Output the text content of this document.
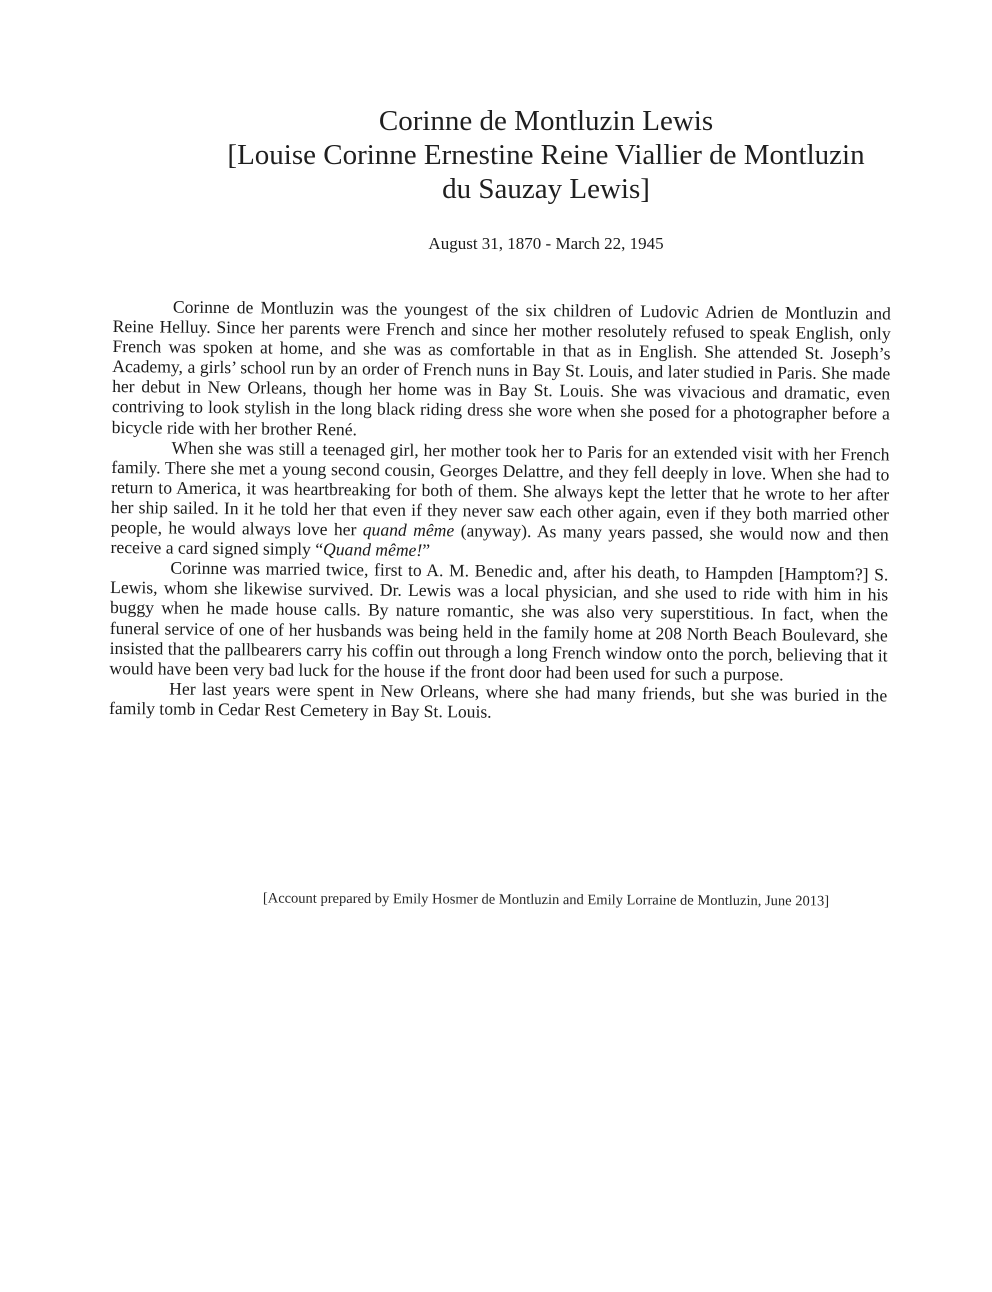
Corinne de Montluzin Lewis
[Louise Corinne Ernestine Reine Viallier de Montluzin
du Sauzay Lewis]
August 31, 1870 - March 22, 1945

Corinne de Montluzin was the youngest of the six children of Ludovic Adrien de Montluzin and Reine Helluy. Since her parents were French and since her mother resolutely refused to speak English, only French was spoken at home, and she was as comfortable in that as in English. She attended St. Joseph’s Academy, a girls’ school run by an order of French nuns in Bay St. Louis, and later studied in Paris. She made her debut in New Orleans, though her home was in Bay St. Louis. She was vivacious and dramatic, even contriving to look stylish in the long black riding dress she wore when she posed for a photographer before a bicycle ride with her brother René.

When she was still a teenaged girl, her mother took her to Paris for an extended visit with her French family. There she met a young second cousin, Georges Delattre, and they fell deeply in love. When she had to return to America, it was heartbreaking for both of them. She always kept the letter that he wrote to her after her ship sailed. In it he told her that even if they never saw each other again, even if they both married other people, he would always love her quand même (anyway). As many years passed, she would now and then receive a card signed simply “Quand même!”

Corinne was married twice, first to A. M. Benedic and, after his death, to Hampden [Hamptom?] S. Lewis, whom she likewise survived. Dr. Lewis was a local physician, and she used to ride with him in his buggy when he made house calls. By nature romantic, she was also very superstitious. In fact, when the funeral service of one of her husbands was being held in the family home at 208 North Beach Boulevard, she insisted that the pallbearers carry his coffin out through a long French window onto the porch, believing that it would have been very bad luck for the house if the front door had been used for such a purpose.

Her last years were spent in New Orleans, where she had many friends, but she was buried in the family tomb in Cedar Rest Cemetery in Bay St. Louis.

[Account prepared by Emily Hosmer de Montluzin and Emily Lorraine de Montluzin, June 2013]
